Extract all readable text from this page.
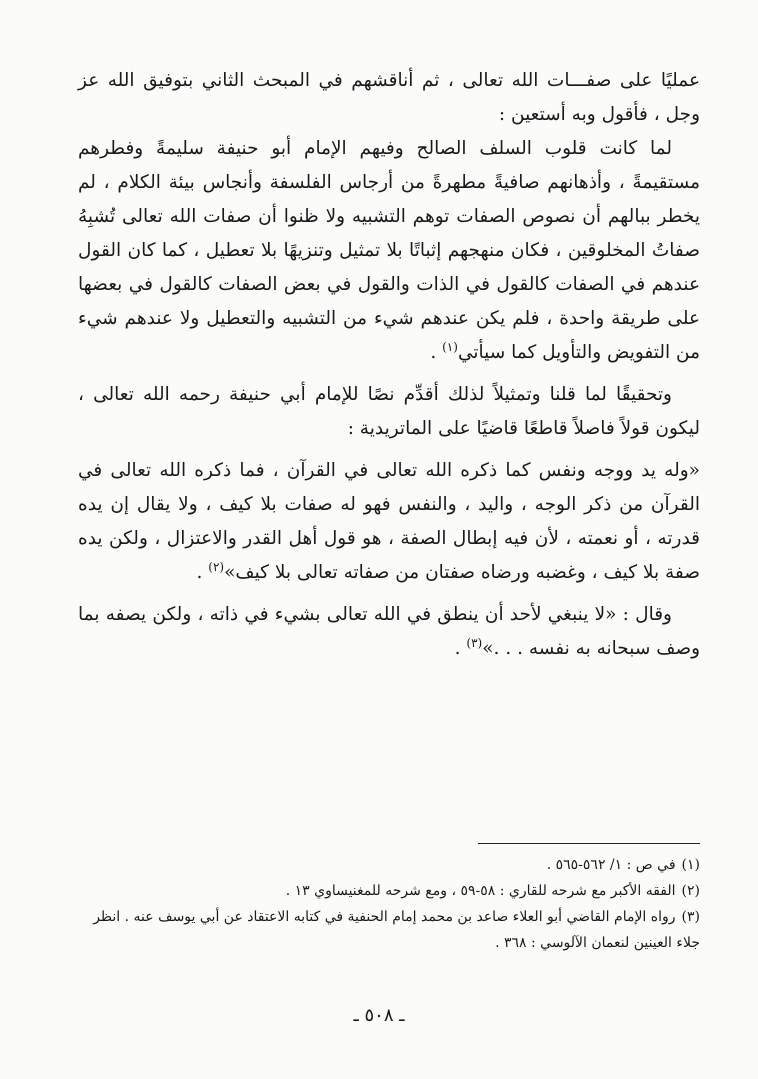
عمليًا على صفـــات الله تعالى ، ثم أناقشهم في المبحث الثاني بتوفيق الله عز وجل ، فأقول وبه أستعين :

لما كانت قلوب السلف الصالح وفيهم الإمام أبو حنيفة سليمةً وفطرهم مستقيمةً ، وأذهانهم صافيةً مطهرةً من أرجاس الفلسفة وأنجاس بيئة الكلام ، لم يخطر ببالهم أن نصوص الصفات توهم التشبيه ولا ظنوا أن صفات الله تعالى تُشبِهُ صفاتُ المخلوقين ، فكان منهجهم إثباتًا بلا تمثيل وتنزيهًا بلا تعطيل ، كما كان القول عندهم في الصفات كالقول في الذات والقول في بعض الصفات كالقول في بعضها على طريقة واحدة ، فلم يكن عندهم شيء من التشبيه والتعطيل ولا عندهم شيء من التفويض والتأويل كما سيأتي$^{(١)}$ .

وتحقيقًا لما قلنا وتمثيلاً لذلك أقدِّم نصًا للإمام أبي حنيفة رحمه الله تعالى ، ليكون قولاً فاصلاً قاطعًا قاضيًا على الماتريدية :

«وله يد ووجه ونفس كما ذكره الله تعالى في القرآن ، فما ذكره الله تعالى في القرآن من ذكر الوجه ، واليد ، والنفس فهو له صفات بلا كيف ، ولا يقال إن يده قدرته ، أو نعمته ، لأن فيه إبطال الصفة ، هو قول أهل القدر والاعتزال ، ولكن يده صفة بلا كيف ، وغضبه ورضاه صفتان من صفاته تعالى بلا كيف»$^{(٢)}$ .

وقال : «لا ينبغي لأحد أن ينطق في الله تعالى بشيء في ذاته ، ولكن يصفه بما وصف سبحانه به نفسه . . .»$^{(٣)}$ .

(١)في ص : ١/ ٥٦٢-٥٦٥ .

(٢)الفقه الأكبر مع شرحه للقاري : ٥٨-٥٩ ، ومع شرحه للمغنيساوي ١٣ .

(٣)رواه الإمام القاضي أبو العلاء صاعد بن محمد إمام الحنفية في كتابه الاعتقاد عن أبي يوسف عنه . انظر جلاء العينين لنعمان الآلوسي : ٣٦٨ .

ـ ٥٠٨ ـ
